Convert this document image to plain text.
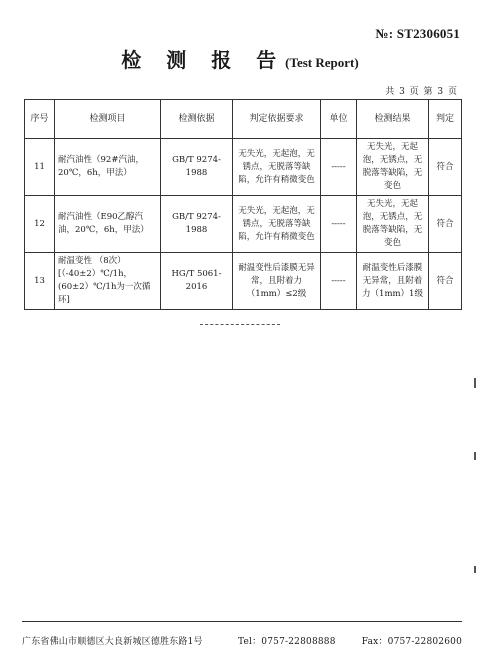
№: ST2306051
检 测 报 告(Test Report)
共 3 页 第 3 页
序号	检测项目	检测依据	判定依据要求	单位	检测结果	判定
11	耐汽油性（92#汽油，20℃，6h，甲法）	GB/T 9274-1988	无失光，无起泡，无锈点，无脱落等缺陷，允许有稍微变色	-----	无失光，无起泡，无锈点，无脱落等缺陷，无变色	符合
12	耐汽油性（E90乙醇汽油，20℃，6h，甲法）	GB/T 9274-1988	无失光，无起泡，无锈点，无脱落等缺陷，允许有稍微变色	-----	无失光，无起泡，无锈点，无脱落等缺陷，无变色	符合
13	耐温变性 （8次）[（-40±2）℃/1h，(60±2）℃/1h为一次循环]	HG/T 5061-2016	耐温变性后漆膜无异常，且附着力（1mm）≤2级	-----	耐温变性后漆膜无异常，且附着力（1mm）1级	符合
广东省佛山市顺德区大良新城区德胜东路1号	Tel：0757-22808888	Fax：0757-22802600
